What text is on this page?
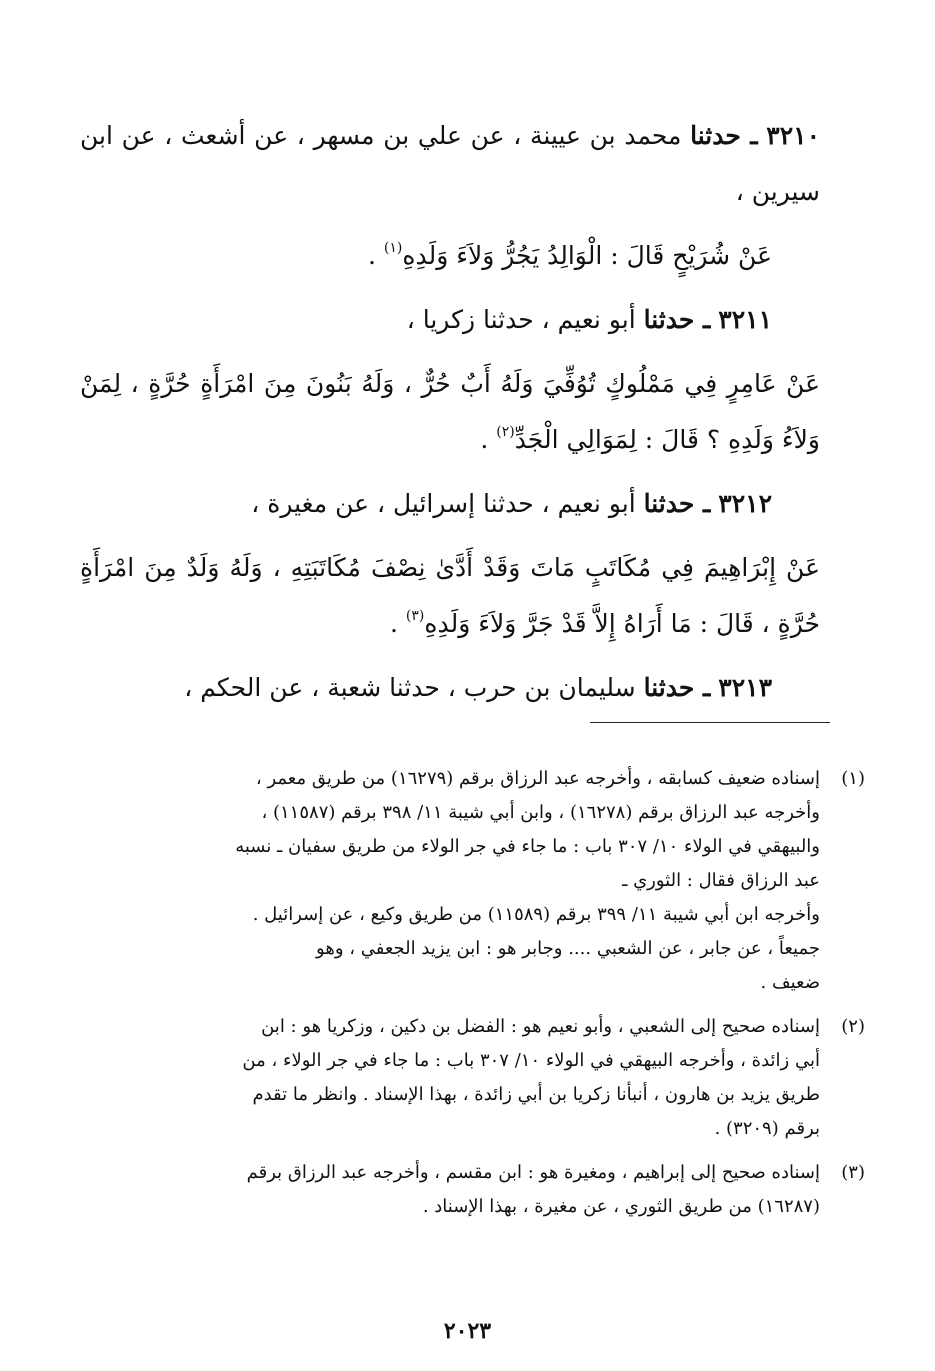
٣٢١٠ ـ حدثنا محمد بن عيينة ، عن علي بن مسهر ، عن أشعث ، عن ابن سيرين ،

عَنْ شُرَيْحٍ قَالَ : الْوَالِدُ يَجُرُّ وَلاَءَ وَلَدِهِ$^{(١)}$ .

٣٢١١ ـ حدثنا أبو نعيم ، حدثنا زكريا ،

عَنْ عَامِرٍ فِي مَمْلُوكٍ تُوُفِّيَ وَلَهُ أَبٌ حُرٌّ ، وَلَهُ بَنُونَ مِنَ امْرَأَةٍ حُرَّةٍ ، لِمَنْ وَلاَءُ وَلَدِهِ ؟ قَالَ : لِمَوَالِي الْجَدِّ$^{(٢)}$ .

٣٢١٢ ـ حدثنا أبو نعيم ، حدثنا إسرائيل ، عن مغيرة ،

عَنْ إِبْرَاهِيمَ فِي مُكَاتَبٍ مَاتَ وَقَدْ أَدَّىٰ نِصْفَ مُكَاتَبَتِهِ ، وَلَهُ وَلَدٌ مِنَ امْرَأَةٍ حُرَّةٍ ، قَالَ : مَا أَرَاهُ إِلاَّ قَدْ جَرَّ وَلاَءَ وَلَدِهِ$^{(٣)}$ .

٣٢١٣ ـ حدثنا سليمان بن حرب ، حدثنا شعبة ، عن الحكم ،

(١)
إسناده ضعيف كسابقه ، وأخرجه عبد الرزاق برقم (١٦٢٧٩) من طريق معمر ،
وأخرجه عبد الرزاق برقم (١٦٢٧٨) ، وابن أبي شيبة ١١/ ٣٩٨ برقم (١١٥٨٧) ،
والبيهقي في الولاء ١٠/ ٣٠٧ باب : ما جاء في جر الولاء من طريق سفيان ـ نسبه
عبد الرزاق فقال : الثوري ـ
وأخرجه ابن أبي شيبة ١١/ ٣٩٩ برقم (١١٥٨٩) من طريق وكيع ، عن إسرائيل .
جميعاً ، عن جابر ، عن الشعبي .... وجابر هو : ابن يزيد الجعفي ، وهو
ضعيف .
(٢)
إسناده صحيح إلى الشعبي ، وأبو نعيم هو : الفضل بن دكين ، وزكريا هو : ابن
أبي زائدة ، وأخرجه البيهقي في الولاء ١٠/ ٣٠٧ باب : ما جاء في جر الولاء ، من
طريق يزيد بن هارون ، أنبأنا زكريا بن أبي زائدة ، بهذا الإسناد . وانظر ما تقدم
برقم (٣٢٠٩) .
(٣)
إسناده صحيح إلى إبراهيم ، ومغيرة هو : ابن مقسم ، وأخرجه عبد الرزاق برقم
(١٦٢٨٧) من طريق الثوري ، عن مغيرة ، بهذا الإسناد .
٢٠٢٣
